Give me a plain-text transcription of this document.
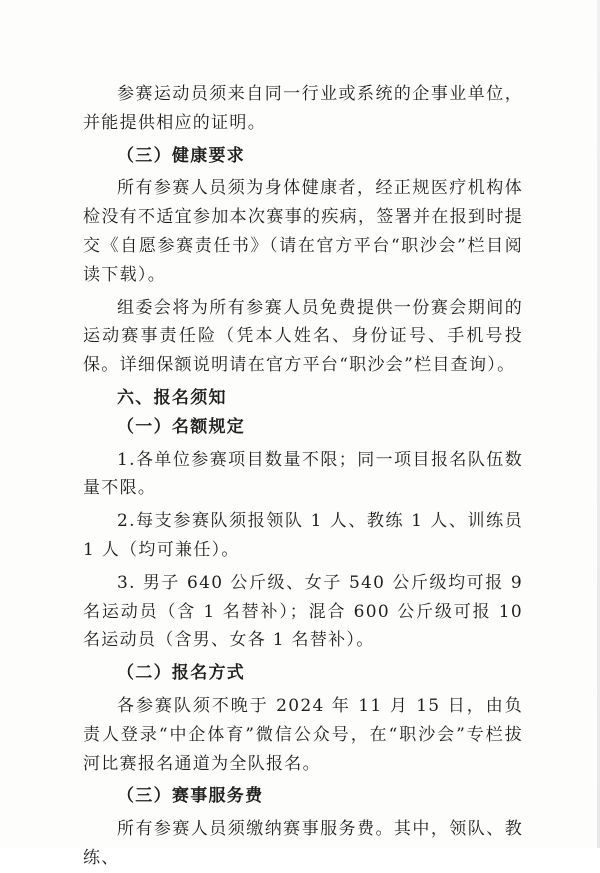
参赛运动员须来自同一行业或系统的企事业单位，并能提供相应的证明。

（三）健康要求

所有参赛人员须为身体健康者，经正规医疗机构体检没有不适宜参加本次赛事的疾病，签署并在报到时提交《自愿参赛责任书》（请在官方平台“职沙会”栏目阅读下载）。

组委会将为所有参赛人员免费提供一份赛会期间的运动赛事责任险（凭本人姓名、身份证号、手机号投保。详细保额说明请在官方平台“职沙会”栏目查询）。

六、报名须知

（一）名额规定

1.各单位参赛项目数量不限；同一项目报名队伍数量不限。

2.每支参赛队须报领队 1 人、教练 1 人、训练员 1 人（均可兼任）。

3. 男子 640 公斤级、女子 540 公斤级均可报 9 名运动员（含 1 名替补）；混合 600 公斤级可报 10 名运动员（含男、女各 1 名替补）。

（二）报名方式

各参赛队须不晚于 2024 年 11 月 15 日，由负责人登录“中企体育”微信公众号，在“职沙会”专栏拔河比赛报名通道为全队报名。

（三）赛事服务费

所有参赛人员须缴纳赛事服务费。其中，领队、教练、
